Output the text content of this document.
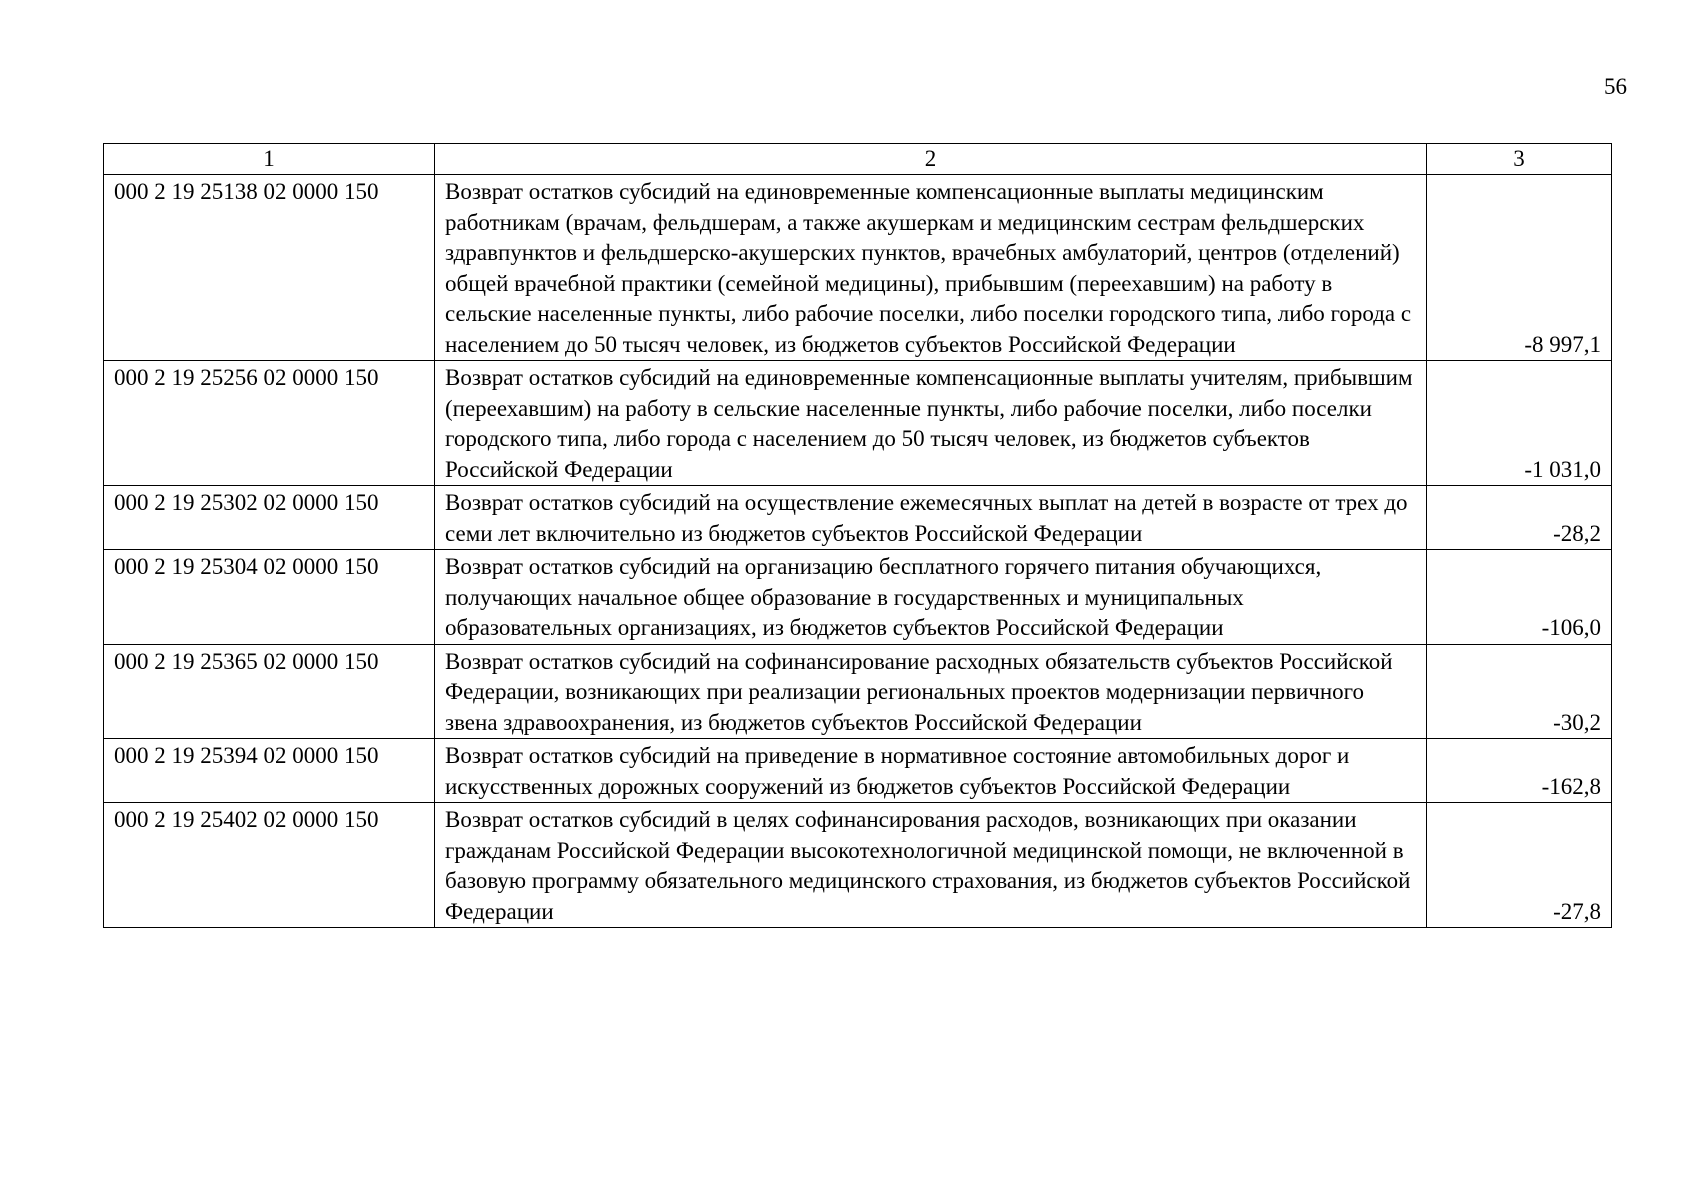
56
1	2	3
000 2 19 25138 02 0000 150	Возврат остатков субсидий на единовременные компенсационные выплаты медицинским работникам (врачам, фельдшерам, а также акушеркам и медицинским сестрам фельдшерских здравпунктов и фельдшерско-акушерских пунктов, врачебных амбулаторий, центров (отделений) общей врачебной практики (семейной медицины), прибывшим (переехавшим) на работу в сельские населенные пункты, либо рабочие поселки, либо поселки городского типа, либо города с населением до 50 тысяч человек, из бюджетов субъектов Российской Федерации	-8 997,1
000 2 19 25256 02 0000 150	Возврат остатков субсидий на единовременные компенсационные выплаты учителям, прибывшим (переехавшим) на работу в сельские населенные пункты, либо рабочие поселки, либо поселки городского типа, либо города с населением до 50 тысяч человек, из бюджетов субъектов Российской Федерации	-1 031,0
000 2 19 25302 02 0000 150	Возврат остатков субсидий на осуществление ежемесячных выплат на детей в возрасте от трех до семи лет включительно из бюджетов субъектов Российской Федерации	-28,2
000 2 19 25304 02 0000 150	Возврат остатков субсидий на организацию бесплатного горячего питания обучающихся, получающих начальное общее образование в государственных и муниципальных образовательных организациях, из бюджетов субъектов Российской Федерации	-106,0
000 2 19 25365 02 0000 150	Возврат остатков субсидий на софинансирование расходных обязательств субъектов Российской Федерации, возникающих при реализации региональных проектов модернизации первичного звена здравоохранения, из бюджетов субъектов Российской Федерации	-30,2
000 2 19 25394 02 0000 150	Возврат остатков субсидий на приведение в нормативное состояние автомобильных дорог и искусственных дорожных сооружений из бюджетов субъектов Российской Федерации	-162,8
000 2 19 25402 02 0000 150	Возврат остатков субсидий в целях софинансирования расходов, возникающих при оказании гражданам Российской Федерации высокотехнологичной медицинской помощи, не включенной в базовую программу обязательного медицинского страхования, из бюджетов субъектов Российской Федерации	-27,8
